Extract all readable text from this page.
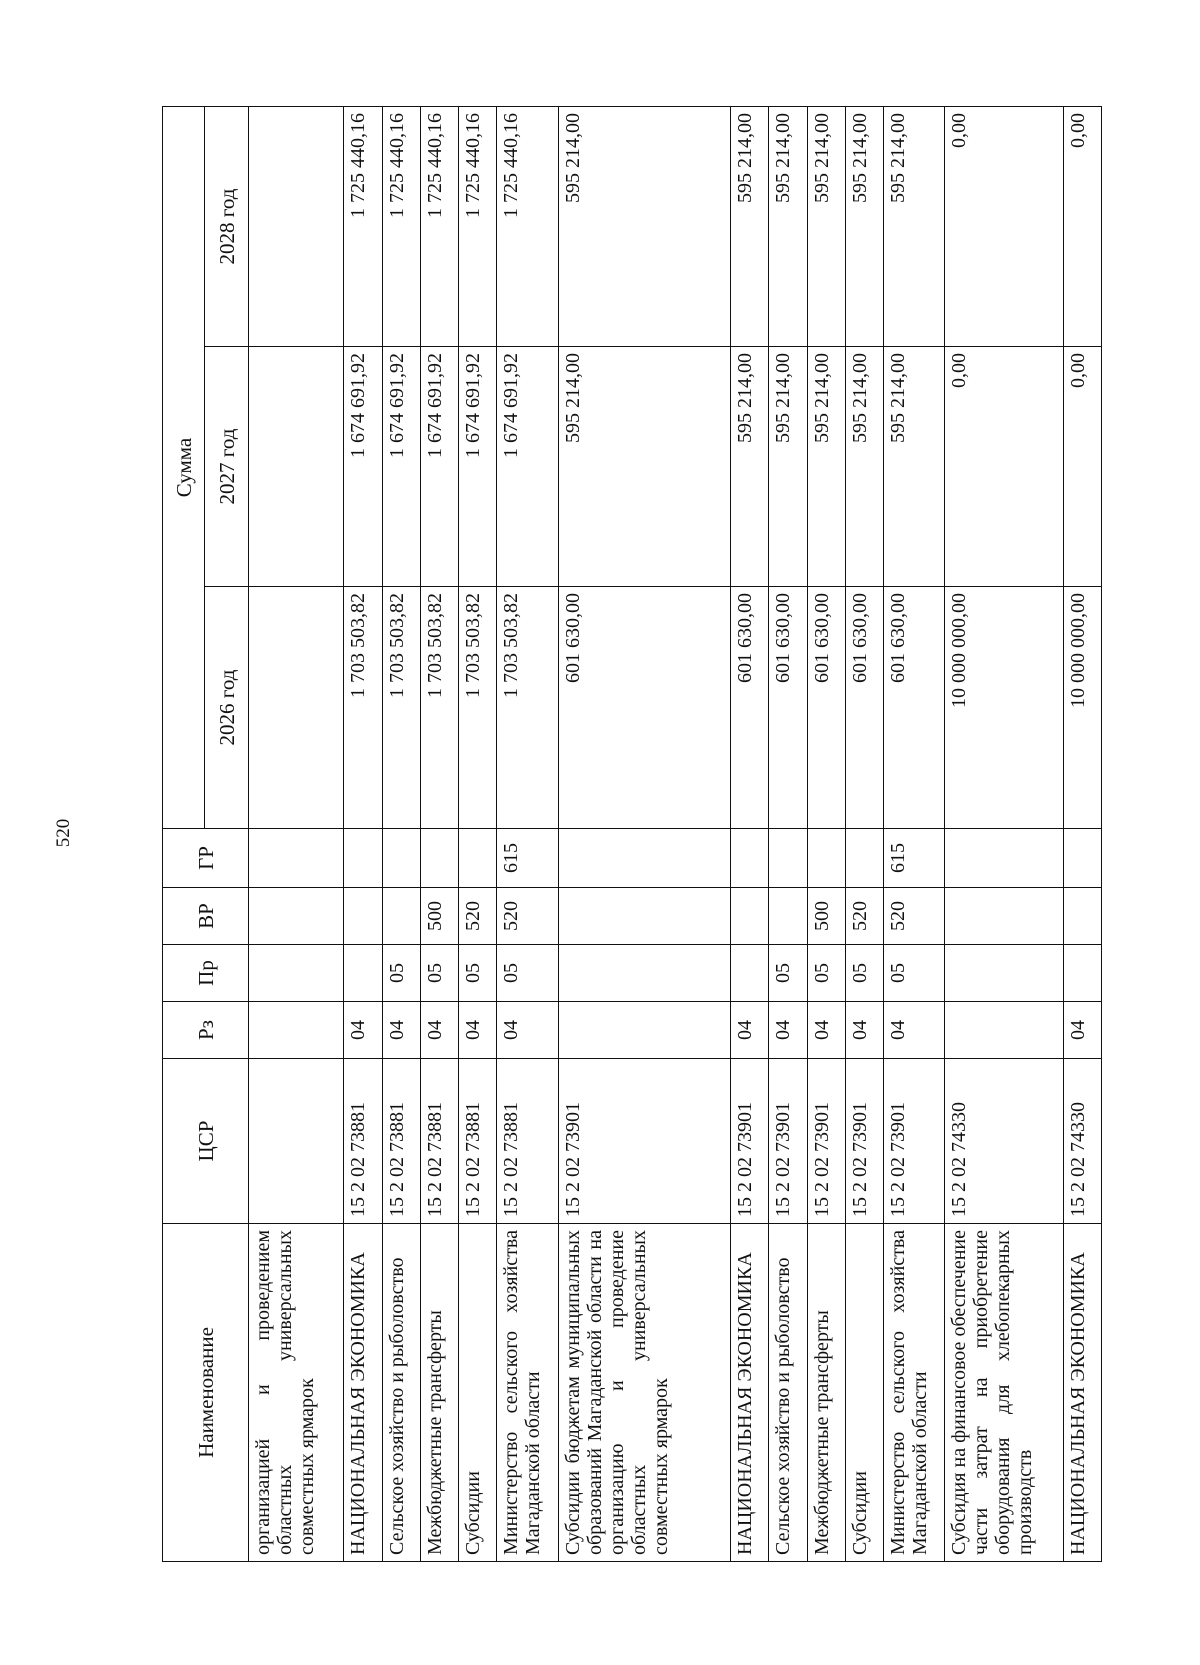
520
Наименование	ЦСР	Рз	Пр	ВР	ГР	Сумма		
						2026 год	2027 год	2028 год
организацией и проведением областных универсальных совместных ярмарок								
НАЦИОНАЛЬНАЯ ЭКОНОМИКА	15 2 02 73881	04				1 703 503,82	1 674 691,92	1 725 440,16
Сельское хозяйство и рыболовство	15 2 02 73881	04	05			1 703 503,82	1 674 691,92	1 725 440,16
Межбюджетные трансферты	15 2 02 73881	04	05	500		1 703 503,82	1 674 691,92	1 725 440,16
Субсидии	15 2 02 73881	04	05	520		1 703 503,82	1 674 691,92	1 725 440,16
Министерство сельского хозяйства Магаданской области	15 2 02 73881	04	05	520	615	1 703 503,82	1 674 691,92	1 725 440,16
Субсидии бюджетам муниципальных образований Магаданской области на организацию и проведение областных универсальных совместных ярмарок	15 2 02 73901					601 630,00	595 214,00	595 214,00
НАЦИОНАЛЬНАЯ ЭКОНОМИКА	15 2 02 73901	04				601 630,00	595 214,00	595 214,00
Сельское хозяйство и рыболовство	15 2 02 73901	04	05			601 630,00	595 214,00	595 214,00
Межбюджетные трансферты	15 2 02 73901	04	05	500		601 630,00	595 214,00	595 214,00
Субсидии	15 2 02 73901	04	05	520		601 630,00	595 214,00	595 214,00
Министерство сельского хозяйства Магаданской области	15 2 02 73901	04	05	520	615	601 630,00	595 214,00	595 214,00
Субсидия на финансовое обеспечение части затрат на приобретение оборудования для хлебопекарных производств	15 2 02 74330					10 000 000,00	0,00	0,00
НАЦИОНАЛЬНАЯ ЭКОНОМИКА	15 2 02 74330	04				10 000 000,00	0,00	0,00
